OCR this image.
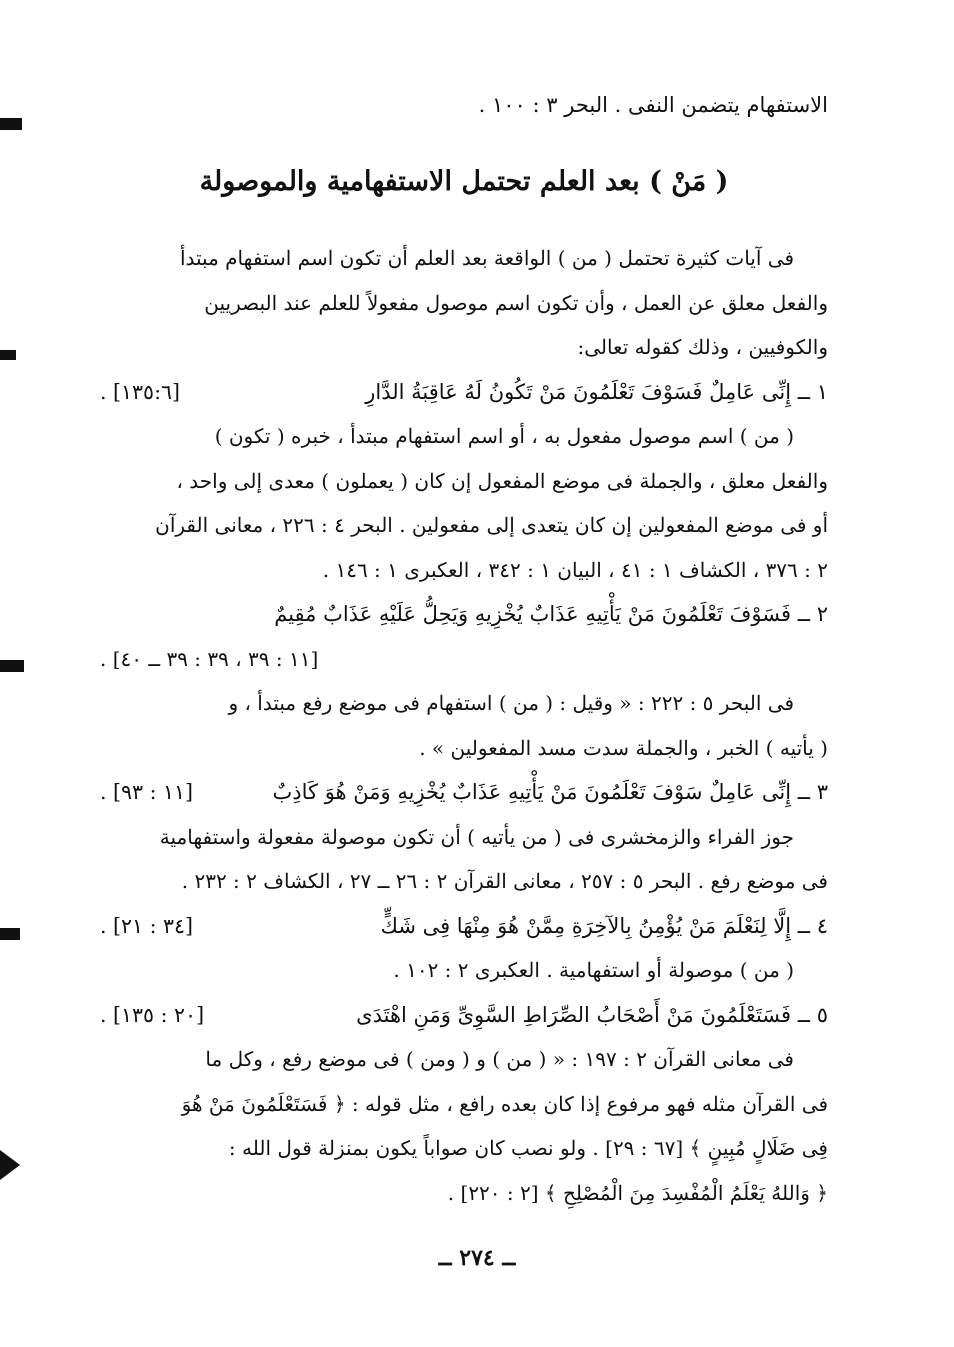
الاستفهام يتضمن النفى . البحر ٣ : ١٠٠ .

( مَنْ ) بعد العلم تحتمل الاستفهامية والموصولة

فى آيات كثيرة تحتمل ( من ) الواقعة بعد العلم أن تكون اسم استفهام مبتدأ

والفعل معلق عن العمل ، وأن تكون اسم موصول مفعولاً للعلم عند البصريين

والكوفيين ، وذلك كقوله تعالى:

١ ــ إِنِّى عَامِلٌ فَسَوْفَ تَعْلَمُونَ مَنْ تَكُونُ لَهُ عَاقِبَةُ الدَّارِ
[١٣٥:٦] .

( من ) اسم موصول مفعول به ، أو اسم استفهام مبتدأ ، خبره ( تكون )

والفعل معلق ، والجملة فى موضع المفعول إن كان ( يعملون ) معدى إلى واحد ،

أو فى موضع المفعولين إن كان يتعدى إلى مفعولين . البحر ٤ : ٢٢٦ ، معانى القرآن

٢ : ٣٧٦ ، الكشاف ١ : ٤١ ، البيان ١ : ٣٤٢ ، العكبرى ١ : ١٤٦ .

٢ ــ فَسَوْفَ تَعْلَمُونَ مَنْ يَأْتِيهِ عَذَابٌ يُخْزِيهِ وَيَحِلُّ عَلَيْهِ عَذَابٌ مُقِيمٌ

[١١ : ٣٩ ، ٣٩ : ٣٩ ــ ٤٠] .

فى البحر ٥ : ٢٢٢ : « وقيل : ( من ) استفهام فى موضع رفع مبتدأ ، و

( يأتيه ) الخبر ، والجملة سدت مسد المفعولين » .

٣ ــ إِنِّى عَامِلٌ سَوْفَ تَعْلَمُونَ مَنْ يَأْتِيهِ عَذَابٌ يُخْزِيهِ وَمَنْ هُوَ كَاذِبٌ
[١١ : ٩٣] .

جوز الفراء والزمخشرى فى ( من يأتيه ) أن تكون موصولة مفعولة واستفهامية

فى موضع رفع . البحر ٥ : ٢٥٧ ، معانى القرآن ٢ : ٢٦ ــ ٢٧ ، الكشاف ٢ : ٢٣٢ .

٤ ــ إِلَّا لِنَعْلَمَ مَنْ يُؤْمِنُ بِالآخِرَةِ مِمَّنْ هُوَ مِنْهَا فِى شَكٍّ
[٣٤ : ٢١] .

( من ) موصولة أو استفهامية . العكبرى ٢ : ١٠٢ .

٥ ــ فَسَتَعْلَمُونَ مَنْ أَصْحَابُ الصِّرَاطِ السَّوِىِّ وَمَنِ اهْتَدَى
[٢٠ : ١٣٥] .

فى معانى القرآن ٢ : ١٩٧ : « ( من ) و ( ومن ) فى موضع رفع ، وكل ما

فى القرآن مثله فهو مرفوع إذا كان بعده رافع ، مثل قوله : ﴿ فَسَتَعْلَمُونَ مَنْ هُوَ

فِى ضَلَالٍ مُبِينٍ ﴾ [٦٧ : ٢٩] . ولو نصب كان صواباً يكون بمنزلة قول الله :

﴿ وَاللهُ يَعْلَمُ الْمُفْسِدَ مِنَ الْمُصْلِحِ ﴾ [٢ : ٢٢٠] .

ــ ٢٧٤ ــ
